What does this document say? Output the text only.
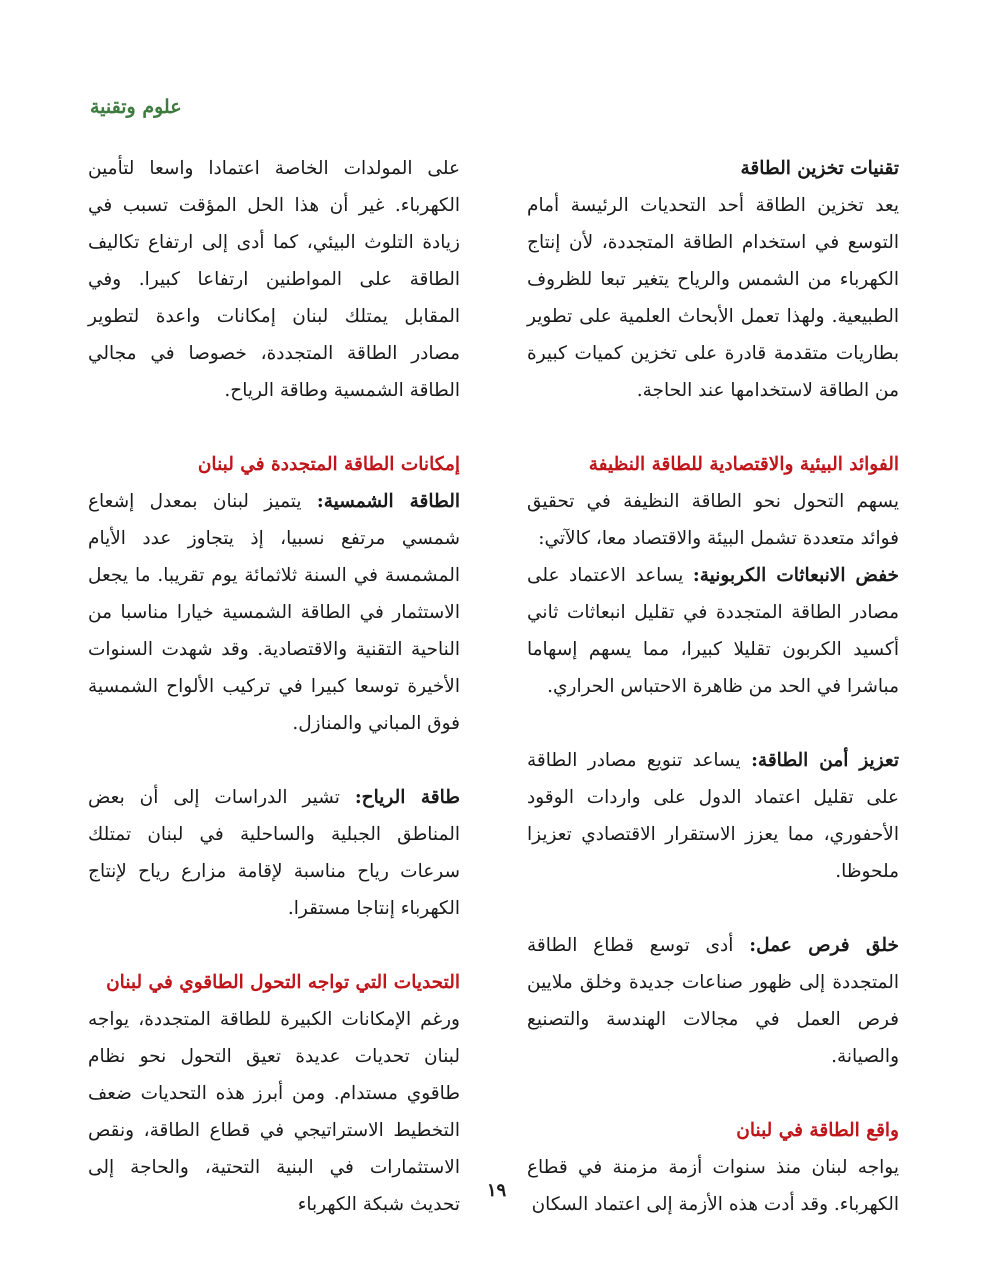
علوم وتقنية
تقنيات تخزين الطاقة

يعد تخزين الطاقة أحد التحديات الرئيسة أمام التوسع في استخدام الطاقة المتجددة، لأن إنتاج الكهرباء من الشمس والرياح يتغير تبعا للظروف الطبيعية. ولهذا تعمل الأبحاث العلمية على تطوير بطاريات متقدمة قادرة على تخزين كميات كبيرة من الطاقة لاستخدامها عند الحاجة.

الفوائد البيئية والاقتصادية للطاقة النظيفة

يسهم التحول نحو الطاقة النظيفة في تحقيق فوائد متعددة تشمل البيئة والاقتصاد معا، كالآتي:

خفض الانبعاثات الكربونية: يساعد الاعتماد على مصادر الطاقة المتجددة في تقليل انبعاثات ثاني أكسيد الكربون تقليلا كبيرا، مما يسهم إسهاما مباشرا في الحد من ظاهرة الاحتباس الحراري.

تعزيز أمن الطاقة: يساعد تنويع مصادر الطاقة على تقليل اعتماد الدول على واردات الوقود الأحفوري، مما يعزز الاستقرار الاقتصادي تعزيزا ملحوظا.

خلق فرص عمل: أدى توسع قطاع الطاقة المتجددة إلى ظهور صناعات جديدة وخلق ملايين فرص العمل في مجالات الهندسة والتصنيع والصيانة.

واقع الطاقة في لبنان

يواجه لبنان منذ سنوات أزمة مزمنة في قطاع الكهرباء. وقد أدت هذه الأزمة إلى اعتماد السكان

على المولدات الخاصة اعتمادا واسعا لتأمين الكهرباء. غير أن هذا الحل المؤقت تسبب في زيادة التلوث البيئي، كما أدى إلى ارتفاع تكاليف الطاقة على المواطنين ارتفاعا كبيرا. وفي المقابل يمتلك لبنان إمكانات واعدة لتطوير مصادر الطاقة المتجددة، خصوصا في مجالي الطاقة الشمسية وطاقة الرياح.

إمكانات الطاقة المتجددة في لبنان

الطاقة الشمسية: يتميز لبنان بمعدل إشعاع شمسي مرتفع نسبيا، إذ يتجاوز عدد الأيام المشمسة في السنة ثلاثمائة يوم تقريبا. ما يجعل الاستثمار في الطاقة الشمسية خيارا مناسبا من الناحية التقنية والاقتصادية. وقد شهدت السنوات الأخيرة توسعا كبيرا في تركيب الألواح الشمسية فوق المباني والمنازل.

طاقة الرياح: تشير الدراسات إلى أن بعض المناطق الجبلية والساحلية في لبنان تمتلك سرعات رياح مناسبة لإقامة مزارع رياح لإنتاج الكهرباء إنتاجا مستقرا.

التحديات التي تواجه التحول الطاقوي في لبنان

ورغم الإمكانات الكبيرة للطاقة المتجددة، يواجه لبنان تحديات عديدة تعيق التحول نحو نظام طاقوي مستدام. ومن أبرز هذه التحديات ضعف التخطيط الاستراتيجي في قطاع الطاقة، ونقص الاستثمارات في البنية التحتية، والحاجة إلى تحديث شبكة الكهرباء

١٩
